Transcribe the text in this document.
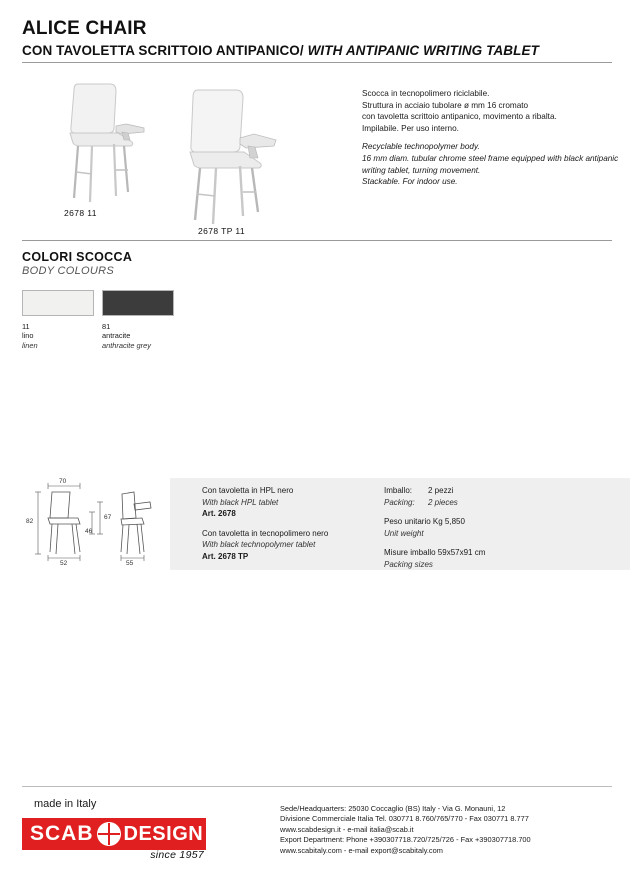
ALICE CHAIR
CON TAVOLETTA SCRITTOIO ANTIPANICO/ WITH ANTIPANIC WRITING TABLET
2678 11
2678 TP 11
Scocca in tecnopolimero riciclabile.
Struttura in acciaio tubolare ø mm 16 cromato
con tavoletta scrittoio antipanico, movimento a ribalta.
Impilabile. Per uso interno.
Recyclable technopolymer body.
16 mm diam. tubular chrome steel frame equipped with black antipanic
writing tablet, turning movement.
Stackable. For indoor use.
COLORI SCOCCA
BODY COLOURS
11
lino
linen
81
antracite
anthracite grey
70
82
52
46
67
55
Con tavoletta in HPL nero
With black HPL tablet
Art. 2678
Con tavoletta in tecnopolimero nero
With black technopolymer tablet
Art. 2678 TP
Imballo:	2 pezzi
Packing:	2 pieces
Peso unitario Kg 5,850
Unit weight
Misure imballo 59x57x91 cm
Packing sizes
made in Italy
SCAB DESIGN
since 1957
Sede/Headquarters: 25030 Coccaglio (BS) Italy - Via G. Monauni, 12
Divisione Commerciale Italia Tel. 030771 8.760/765/770 - Fax 030771 8.777
www.scabdesign.it - e-mail italia@scab.it
Export Department: Phone +390307718.720/725/726 - Fax +390307718.700
www.scabitaly.com - e-mail export@scabitaly.com
